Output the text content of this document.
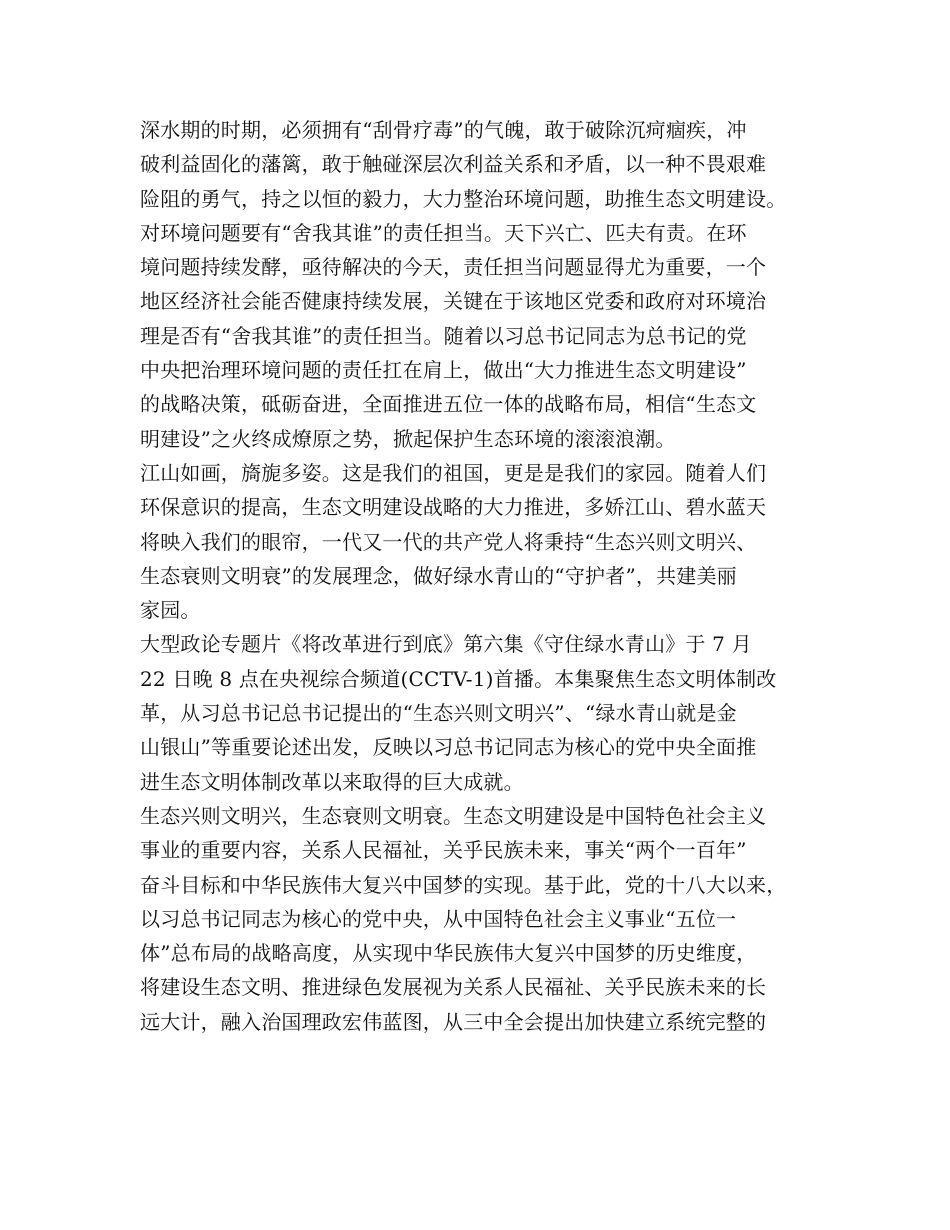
深水期的时期，必须拥有“刮骨疗毒”的气魄，敢于破除沉疴痼疾，冲
破利益固化的藩篱，敢于触碰深层次利益关系和矛盾，以一种不畏艰难
险阻的勇气，持之以恒的毅力，大力整治环境问题，助推生态文明建设。
对环境问题要有“舍我其谁”的责任担当。天下兴亡、匹夫有责。在环
境问题持续发酵，亟待解决的今天，责任担当问题显得尤为重要，一个
地区经济社会能否健康持续发展，关键在于该地区党委和政府对环境治
理是否有“舍我其谁”的责任担当。随着以习总书记同志为总书记的党
中央把治理环境问题的责任扛在肩上，做出“大力推进生态文明建设”
的战略决策，砥砺奋进，全面推进五位一体的战略布局，相信“生态文
明建设”之火终成燎原之势，掀起保护生态环境的滚滚浪潮。
江山如画，旖旎多姿。这是我们的祖国，更是是我们的家园。随着人们
环保意识的提高，生态文明建设战略的大力推进，多娇江山、碧水蓝天
将映入我们的眼帘，一代又一代的共产党人将秉持“生态兴则文明兴、
生态衰则文明衰”的发展理念，做好绿水青山的“守护者”，共建美丽
家园。
大型政论专题片《将改革进行到底》第六集《守住绿水青山》于 7 月
22 日晚 8 点在央视综合频道(CCTV-1)首播。本集聚焦生态文明体制改
革，从习总书记总书记提出的“生态兴则文明兴”、“绿水青山就是金
山银山”等重要论述出发，反映以习总书记同志为核心的党中央全面推
进生态文明体制改革以来取得的巨大成就。
生态兴则文明兴，生态衰则文明衰。生态文明建设是中国特色社会主义
事业的重要内容，关系人民福祉，关乎民族未来，事关“两个一百年”
奋斗目标和中华民族伟大复兴中国梦的实现。基于此，党的十八大以来，
以习总书记同志为核心的党中央，从中国特色社会主义事业“五位一
体”总布局的战略高度，从实现中华民族伟大复兴中国梦的历史维度，
将建设生态文明、推进绿色发展视为关系人民福祉、关乎民族未来的长
远大计，融入治国理政宏伟蓝图，从三中全会提出加快建立系统完整的
